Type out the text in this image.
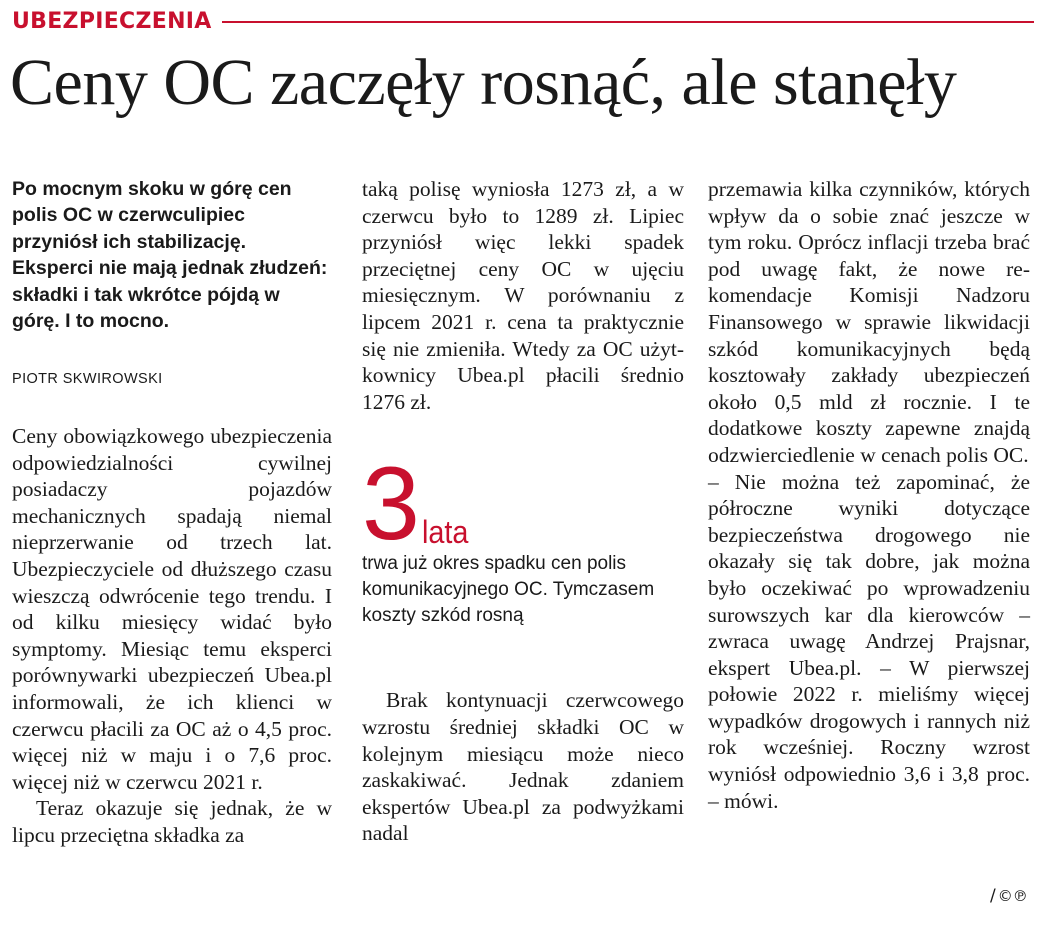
UBEZPIECZENIA
Ceny OC zaczęły rosnąć, ale stanęły

Po mocnym skoku w górę cen polis OC w czerwculipiec przyniósł ich stabilizację. Eksperci nie mają jednak złudzeń: składki i tak wkrótce pójdą w górę. I to mocno.

PIOTR SKWIROWSKI

Ceny obowiązkowego ubezpieczenia odpowiedzialności cywilnej posiadaczy pojazdów mechanicznych spadają niemal nieprzerwanie od trzech lat. Ubezpieczyciele od dłuższego czasu wieszczą odwrócenie tego trendu. I od kilku miesięcy widać było symptomy. Miesiąc temu eksperci porównywarki ubezpieczeń Ubea.pl informowali, że ich klienci w czerwcu płacili za OC aż o 4,5 proc. więcej niż w maju i o 7,6 proc. więcej niż w czerwcu 2021 r.

Teraz okazuje się jednak, że w lipcu przeciętna składka za

taką polisę wyniosła 1273 zł, a w czerwcu było to 1289 zł. Lipiec przyniósł więc lekki spadek przeciętnej ceny OC w ujęciu miesięcznym. W porównaniu z lipcem 2021 r. cena ta praktycznie się nie zmieniła. Wtedy za OC użytkownicy Ubea.pl płacili średnio 1276 zł.

3 lata

trwa już okres spadku cen polis komunikacyjnego OC. Tymczasem koszty szkód rosną

Brak kontynuacji czerwcowego wzrostu średniej składki OC w kolejnym miesiącu może nieco zaskakiwać. Jednak zdaniem ekspertów Ubea.pl za podwyżkami nadal

przemawia kilka czynników, których wpływ da o sobie znać jeszcze w tym roku. Oprócz inflacji trzeba brać pod uwagę fakt, że nowe rekomendacje Komisji Nadzoru Finansowego w sprawie likwidacji szkód komunikacyjnych będą kosztowały zakłady ubezpieczeń około 0,5 mld zł rocznie. I te dodatkowe koszty zapewne znajdą odzwierciedlenie w cenach polis OC.

– Nie można też zapominać, że półroczne wyniki dotyczące bezpieczeństwa drogowego nie okazały się tak dobre, jak można było oczekiwać po wprowadzeniu surowszych kar dla kierowców – zwraca uwagę Andrzej Prajsnar, ekspert Ubea.pl. – W pierwszej połowie 2022 r. mieliśmy więcej wypadków drogowych i rannych niż rok wcześniej. Roczny wzrost wyniósł odpowiednio 3,6 i 3,8 proc. – mówi.

/ ©℗
